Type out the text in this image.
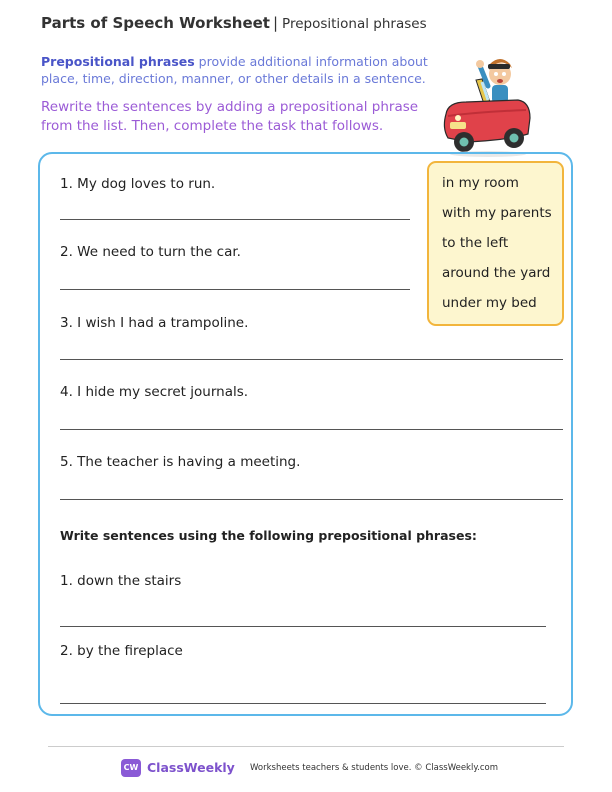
Parts of Speech Worksheet | Prepositional phrases
Prepositional phrases provide additional information about place, time, direction, manner, or other details in a sentence.
Rewrite the sentences by adding a prepositional phrase from the list. Then, complete the task that follows.
1. My dog loves to run.
2. We need to turn the car.
3. I wish I had a trampoline.
4. I hide my secret journals.
5. The teacher is having a meeting.
in my room
with my parents
to the left
around the yard
under my bed
Write sentences using the following prepositional phrases:
1. down the stairs
2. by the fireplace
CW ClassWeekly Worksheets teachers & students love. © ClassWeekly.com
